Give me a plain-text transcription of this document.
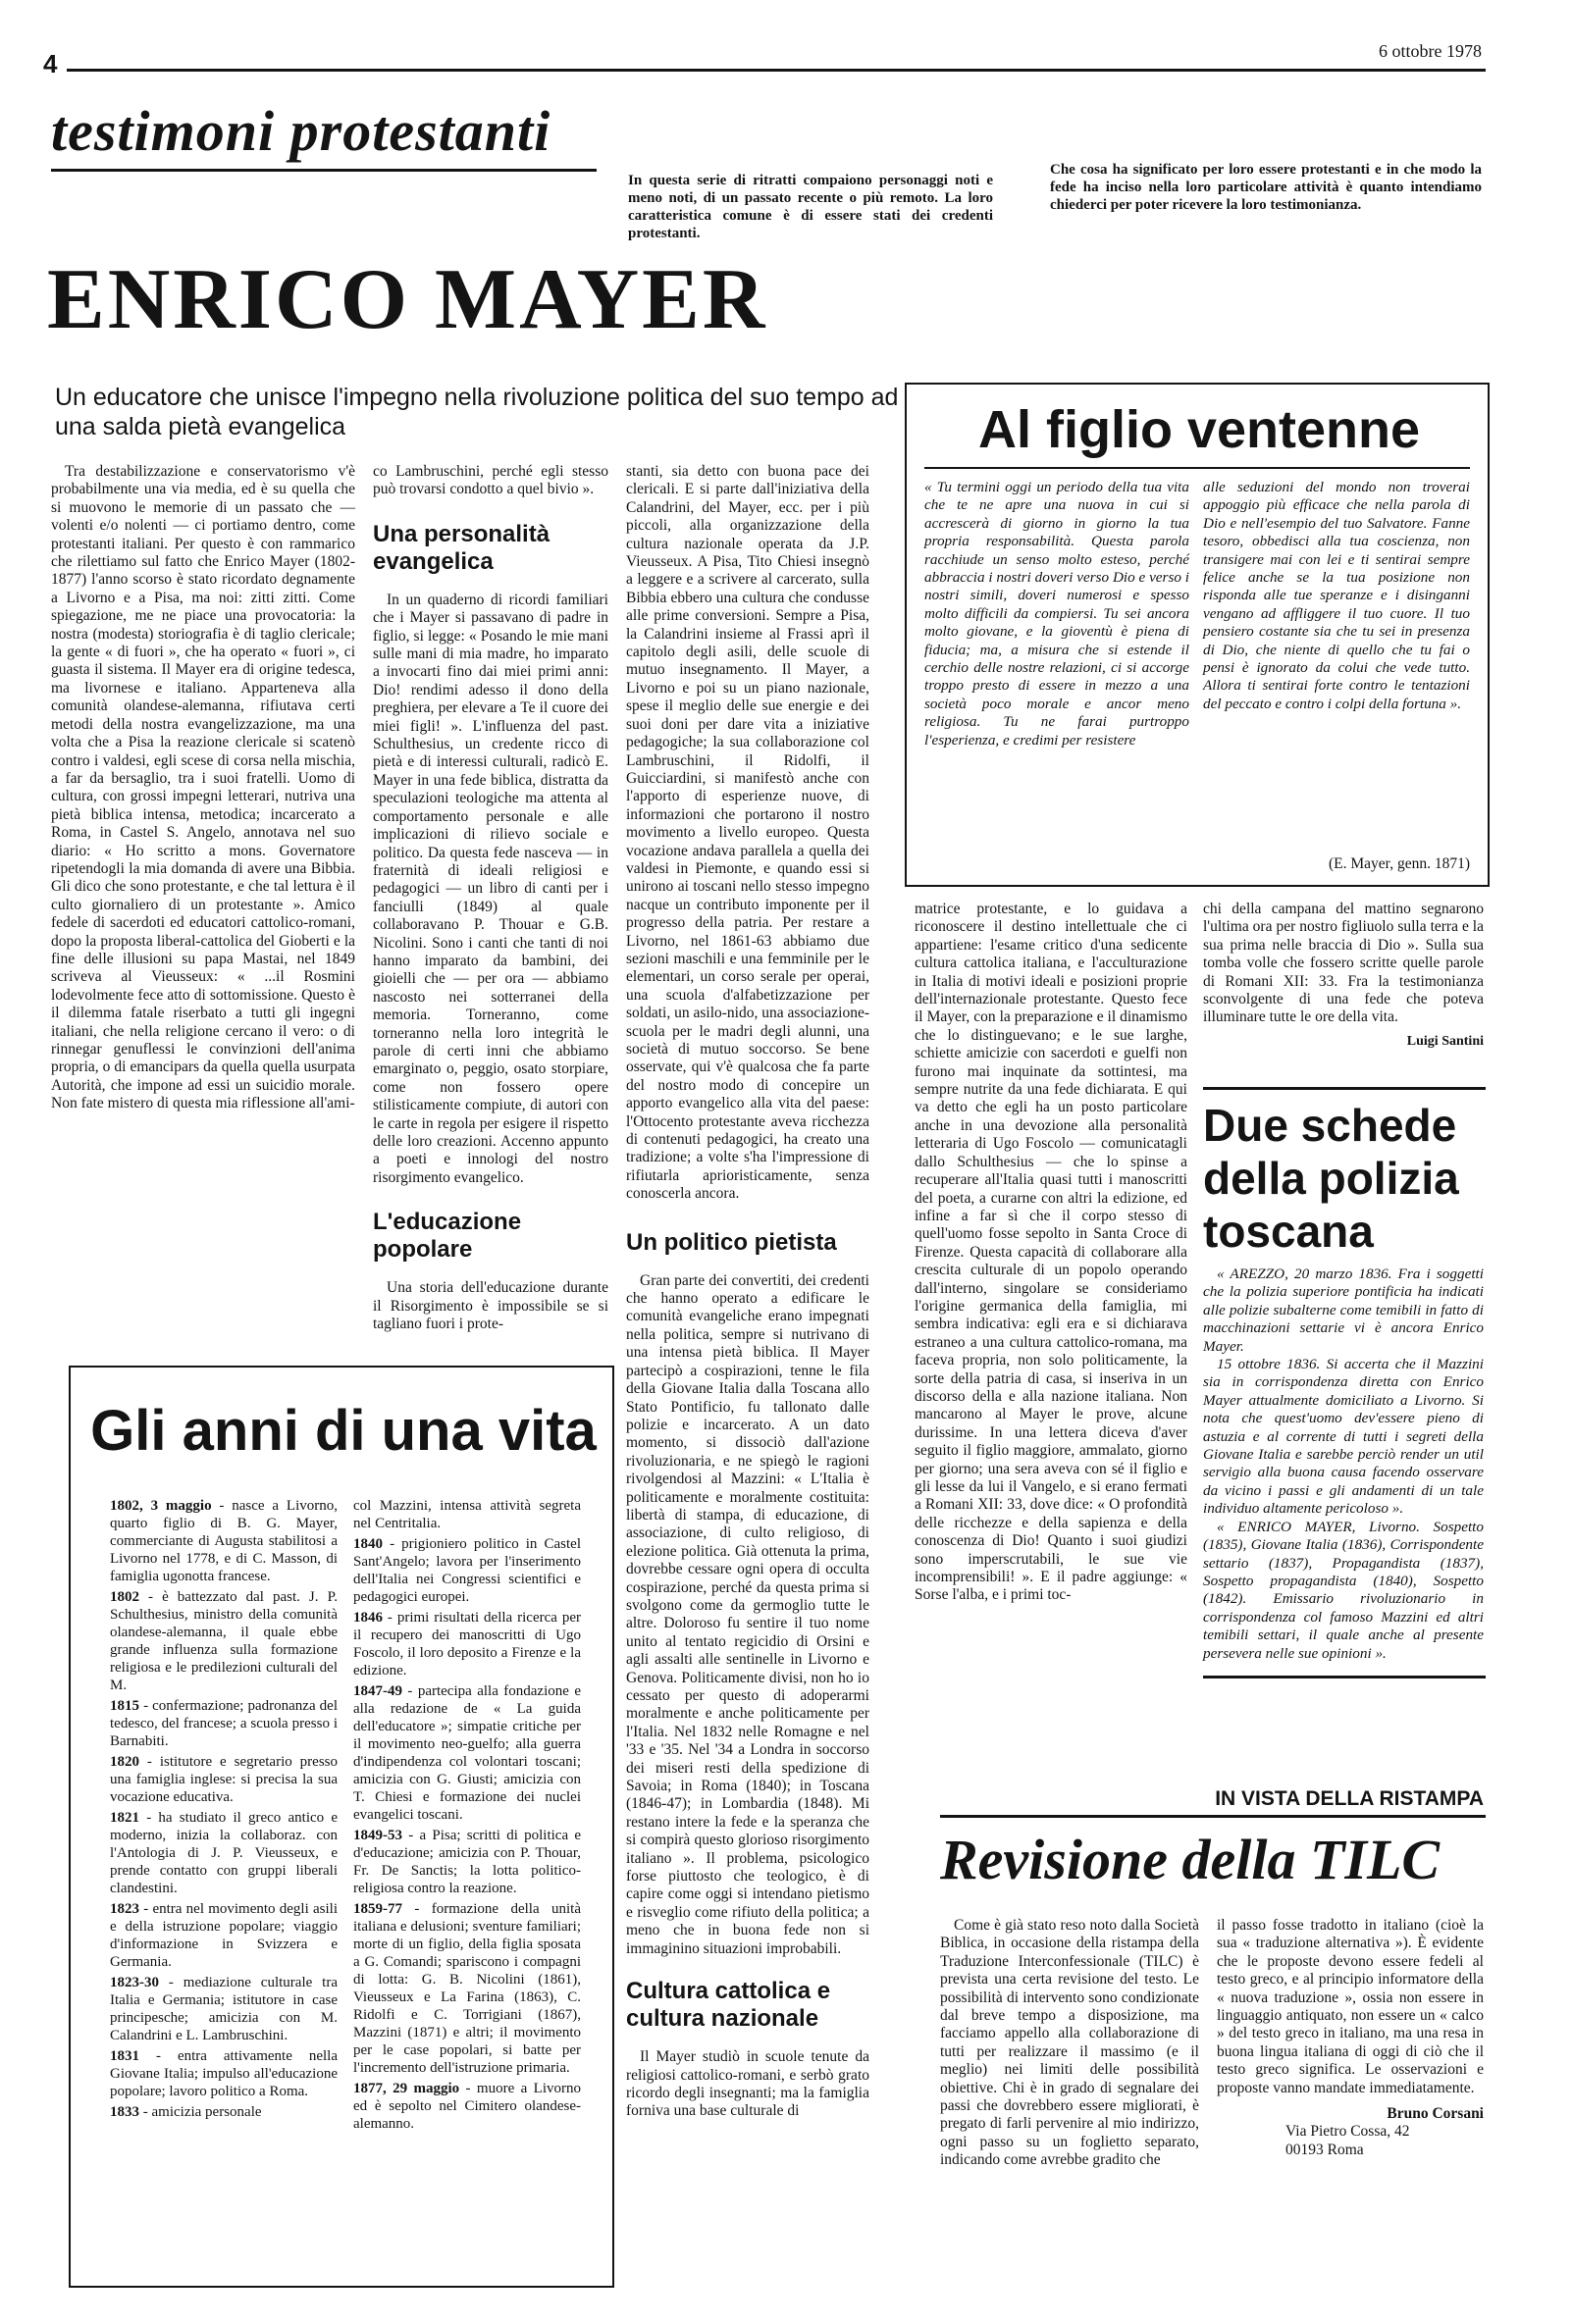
4	6 ottobre 1978
testimoni protestanti
In questa serie di ritratti compaiono personaggi noti e meno noti, di un passato recente o più remoto. La loro caratteristica comune è di essere stati dei credenti protestanti.
Che cosa ha significato per loro essere protestanti e in che modo la fede ha inciso nella loro particolare attività è quanto intendiamo chiederci per poter ricevere la loro testimonianza.
ENRICO MAYER
Un educatore che unisce l'impegno nella rivoluzione politica del suo tempo ad una salda pietà evangelica

Tra destabilizzazione e conservatorismo v'è probabilmente una via media, ed è su quella che si muovono le memorie di un passato che — volenti e/o nolenti — ci portiamo dentro, come protestanti italiani. Per questo è con rammarico che rilettiamo sul fatto che Enrico Mayer (1802-1877) l'anno scorso è stato ricordato degnamente a Livorno e a Pisa, ma noi: zitti zitti. Come spiegazione, me ne piace una provocatoria: la nostra (modesta) storiografia è di taglio clericale; la gente « di fuori », che ha operato « fuori », ci guasta il sistema. Il Mayer era di origine tedesca, ma livornese e italiano. Apparteneva alla comunità olandese-alemanna, rifiutava certi metodi della nostra evangelizzazione, ma una volta che a Pisa la reazione clericale si scatenò contro i valdesi, egli scese di corsa nella mischia, a far da bersaglio, tra i suoi fratelli. Uomo di cultura, con grossi impegni letterari, nutriva una pietà biblica intensa, metodica; incarcerato a Roma, in Castel S. Angelo, annotava nel suo diario: « Ho scritto a mons. Governatore ripetendogli la mia domanda di avere una Bibbia. Gli dico che sono protestante, e che tal lettura è il culto giornaliero di un protestante ». Amico fedele di sacerdoti ed educatori cattolico-romani, dopo la proposta liberal-cattolica del Gioberti e la fine delle illusioni su papa Mastai, nel 1849 scriveva al Vieusseux: « ...il Rosmini lodevolmente fece atto di sottomissione. Questo è il dilemma fatale riserbato a tutti gli ingegni italiani, che nella religione cercano il vero: o di rinnegar genuflessi le convinzioni dell'anima propria, o di emancipars da quella quella usurpata Autorità, che impone ad essi un suicidio morale. Non fate mistero di questa mia riflessione all'ami-

co Lambruschini, perché egli stesso può trovarsi condotto a quel bivio ».

Una personalità evangelica

In un quaderno di ricordi familiari che i Mayer si passavano di padre in figlio, si legge: « Posando le mie mani sulle mani di mia madre, ho imparato a invocarti fino dai miei primi anni: Dio! rendimi adesso il dono della preghiera, per elevare a Te il cuore dei miei figli! ». L'influenza del past. Schulthesius, un credente ricco di pietà e di interessi culturali, radicò E. Mayer in una fede biblica, distratta da speculazioni teologiche ma attenta al comportamento personale e alle implicazioni di rilievo sociale e politico. Da questa fede nasceva — in fraternità di ideali religiosi e pedagogici — un libro di canti per i fanciulli (1849) al quale collaboravano P. Thouar e G.B. Nicolini. Sono i canti che tanti di noi hanno imparato da bambini, dei gioielli che — per ora — abbiamo nascosto nei sotterranei della memoria. Torneranno, come torneranno nella loro integrità le parole di certi inni che abbiamo emarginato o, peggio, osato storpiare, come non fossero opere stilisticamente compiute, di autori con le carte in regola per esigere il rispetto delle loro creazioni. Accenno appunto a poeti e innologi del nostro risorgimento evangelico.

L'educazione popolare

Una storia dell'educazione durante il Risorgimento è impossibile se si tagliano fuori i prote-

stanti, sia detto con buona pace dei clericali. E si parte dall'iniziativa della Calandrini, del Mayer, ecc. per i più piccoli, alla organizzazione della cultura nazionale operata da J.P. Vieusseux. A Pisa, Tito Chiesi insegnò a leggere e a scrivere al carcerato, sulla Bibbia ebbero una cultura che condusse alle prime conversioni. Sempre a Pisa, la Calandrini insieme al Frassi aprì il capitolo degli asili, delle scuole di mutuo insegnamento. Il Mayer, a Livorno e poi su un piano nazionale, spese il meglio delle sue energie e dei suoi doni per dare vita a iniziative pedagogiche; la sua collaborazione col Lambruschini, il Ridolfi, il Guicciardini, si manifestò anche con l'apporto di esperienze nuove, di informazioni che portarono il nostro movimento a livello europeo. Questa vocazione andava parallela a quella dei valdesi in Piemonte, e quando essi si unirono ai toscani nello stesso impegno nacque un contributo imponente per il progresso della patria. Per restare a Livorno, nel 1861-63 abbiamo due sezioni maschili e una femminile per le elementari, un corso serale per operai, una scuola d'alfabetizzazione per soldati, un asilo-nido, una associazione-scuola per le madri degli alunni, una società di mutuo soccorso. Se bene osservate, qui v'è qualcosa che fa parte del nostro modo di concepire un apporto evangelico alla vita del paese: l'Ottocento protestante aveva ricchezza di contenuti pedagogici, ha creato una tradizione; a volte s'ha l'impressione di rifiutarla aprioristicamente, senza conoscerla ancora.

Un politico pietista

Gran parte dei convertiti, dei credenti che hanno operato a edificare le comunità evangeliche erano impegnati nella politica, sempre si nutrivano di una intensa pietà biblica. Il Mayer partecipò a cospirazioni, tenne le fila della Giovane Italia dalla Toscana allo Stato Pontificio, fu tallonato dalle polizie e incarcerato. A un dato momento, si dissociò dall'azione rivoluzionaria, e ne spiegò le ragioni rivolgendosi al Mazzini: « L'Italia è politicamente e moralmente costituita: libertà di stampa, di educazione, di associazione, di culto religioso, di elezione politica. Già ottenuta la prima, dovrebbe cessare ogni opera di occulta cospirazione, perché da questa prima si svolgono come da germoglio tutte le altre. Doloroso fu sentire il tuo nome unito al tentato regicidio di Orsini e agli assalti alle sentinelle in Livorno e Genova. Politicamente divisi, non ho io cessato per questo di adoperarmi moralmente e anche politicamente per l'Italia. Nel 1832 nelle Romagne e nel '33 e '35. Nel '34 a Londra in soccorso dei miseri resti della spedizione di Savoia; in Roma (1840); in Toscana (1846-47); in Lombardia (1848). Mi restano intere la fede e la speranza che si compirà questo glorioso risorgimento italiano ». Il problema, psicologico forse piuttosto che teologico, è di capire come oggi si intendano pietismo e risveglio come rifiuto della politica; a meno che in buona fede non si immaginino situazioni improbabili.

Cultura cattolica e cultura nazionale

Il Mayer studiò in scuole tenute da religiosi cattolico-romani, e serbò grato ricordo degli insegnanti; ma la famiglia forniva una base culturale di

Al figlio ventenne
« Tu termini oggi un periodo della tua vita che te ne apre una nuova in cui si accrescerà di giorno in giorno la tua propria responsabilità. Questa parola racchiude un senso molto esteso, perché abbraccia i nostri doveri verso Dio e verso i nostri simili, doveri numerosi e spesso molto difficili da compiersi. Tu sei ancora molto giovane, e la gioventù è piena di fiducia; ma, a misura che si estende il cerchio delle nostre relazioni, ci si accorge troppo presto di essere in mezzo a una società poco morale e ancor meno religiosa. Tu ne farai purtroppo l'esperienza, e credimi per resistere
alle seduzioni del mondo non troverai appoggio più efficace che nella parola di Dio e nell'esempio del tuo Salvatore. Fanne tesoro, obbedisci alla tua coscienza, non transigere mai con lei e ti sentirai sempre felice anche se la tua posizione non risponda alle tue speranze e i disinganni vengano ad affliggere il tuo cuore. Il tuo pensiero costante sia che tu sei in presenza di Dio, che niente di quello che tu fai o pensi è ignorato da colui che vede tutto. Allora ti sentirai forte contro le tentazioni del peccato e contro i colpi della fortuna ».
(E. Mayer, genn. 1871)

matrice protestante, e lo guidava a riconoscere il destino intellettuale che ci appartiene: l'esame critico d'una sedicente cultura cattolica italiana, e l'acculturazione in Italia di motivi ideali e posizioni proprie dell'internazionale protestante. Questo fece il Mayer, con la preparazione e il dinamismo che lo distinguevano; e le sue larghe, schiette amicizie con sacerdoti e guelfi non furono mai inquinate da sottintesi, ma sempre nutrite da una fede dichiarata. E qui va detto che egli ha un posto particolare anche in una devozione alla personalità letteraria di Ugo Foscolo — comunicatagli dallo Schulthesius — che lo spinse a recuperare all'Italia quasi tutti i manoscritti del poeta, a curarne con altri la edizione, ed infine a far sì che il corpo stesso di quell'uomo fosse sepolto in Santa Croce di Firenze. Questa capacità di collaborare alla crescita culturale di un popolo operando dall'interno, singolare se consideriamo l'origine germanica della famiglia, mi sembra indicativa: egli era e si dichiarava estraneo a una cultura cattolico-romana, ma faceva propria, non solo politicamente, la sorte della patria di casa, si inseriva in un discorso della e alla nazione italiana. Non mancarono al Mayer le prove, alcune durissime. In una lettera diceva d'aver seguito il figlio maggiore, ammalato, giorno per giorno; una sera aveva con sé il figlio e gli lesse da lui il Vangelo, e si erano fermati a Romani XII: 33, dove dice: « O profondità delle ricchezze e della sapienza e della conoscenza di Dio! Quanto i suoi giudizi sono imperscrutabili, le sue vie incomprensibili! ». E il padre aggiunge: « Sorse l'alba, e i primi toc-

chi della campana del mattino segnarono l'ultima ora per nostro figliuolo sulla terra e la sua prima nelle braccia di Dio ». Sulla sua tomba volle che fossero scritte quelle parole di Romani XII: 33. Fra la testimonianza sconvolgente di una fede che poteva illuminare tutte le ore della vita.

Luigi Santini
Due schede
della polizia
toscana

« AREZZO, 20 marzo 1836. Fra i soggetti che la polizia superiore pontificia ha indicati alle polizie subalterne come temibili in fatto di macchinazioni settarie vi è ancora Enrico Mayer.

15 ottobre 1836. Si accerta che il Mazzini sia in corrispondenza diretta con Enrico Mayer attualmente domiciliato a Livorno. Si nota che quest'uomo dev'essere pieno di astuzia e al corrente di tutti i segreti della Giovane Italia e sarebbe perciò render un util servigio alla buona causa facendo osservare da vicino i passi e gli andamenti di un tale individuo altamente pericoloso ».

« ENRICO MAYER, Livorno. Sospetto (1835), Giovane Italia (1836), Corrispondente settario (1837), Propagandista (1837), Sospetto propagandista (1840), Sospetto (1842). Emissario rivoluzionario in corrispondenza col famoso Mazzini ed altri temibili settari, il quale anche al presente persevera nelle sue opinioni ».

Gli anni di una vita

1802, 3 maggio - nasce a Livorno, quarto figlio di B. G. Mayer, commerciante di Augusta stabilitosi a Livorno nel 1778, e di C. Masson, di famiglia ugonotta francese.

1802 - è battezzato dal past. J. P. Schulthesius, ministro della comunità olandese-alemanna, il quale ebbe grande influenza sulla formazione religiosa e le predilezioni culturali del M.

1815 - confermazione; padronanza del tedesco, del francese; a scuola presso i Barnabiti.

1820 - istitutore e segretario presso una famiglia inglese: si precisa la sua vocazione educativa.

1821 - ha studiato il greco antico e moderno, inizia la collaboraz. con l'Antologia di J. P. Vieusseux, e prende contatto con gruppi liberali clandestini.

1823 - entra nel movimento degli asili e della istruzione popolare; viaggio d'informazione in Svizzera e Germania.

1823-30 - mediazione culturale tra Italia e Germania; istitutore in case principesche; amicizia con M. Calandrini e L. Lambruschini.

1831 - entra attivamente nella Giovane Italia; impulso all'educazione popolare; lavoro politico a Roma.

1833 - amicizia personale

col Mazzini, intensa attività segreta nel Centritalia.

1840 - prigioniero politico in Castel Sant'Angelo; lavora per l'inserimento dell'Italia nei Congressi scientifici e pedagogici europei.

1846 - primi risultati della ricerca per il recupero dei manoscritti di Ugo Foscolo, il loro deposito a Firenze e la edizione.

1847-49 - partecipa alla fondazione e alla redazione de « La guida dell'educatore »; simpatie critiche per il movimento neo-guelfo; alla guerra d'indipendenza col volontari toscani; amicizia con G. Giusti; amicizia con T. Chiesi e formazione dei nuclei evangelici toscani.

1849-53 - a Pisa; scritti di politica e d'educazione; amicizia con P. Thouar, Fr. De Sanctis; la lotta politico-religiosa contro la reazione.

1859-77 - formazione della unità italiana e delusioni; sventure familiari; morte di un figlio, della figlia sposata a G. Comandi; spariscono i compagni di lotta: G. B. Nicolini (1861), Vieusseux e La Farina (1863), C. Ridolfi e C. Torrigiani (1867), Mazzini (1871) e altri; il movimento per le case popolari, si batte per l'incremento dell'istruzione primaria.

1877, 29 maggio - muore a Livorno ed è sepolto nel Cimitero olandese-alemanno.

IN VISTA DELLA RISTAMPA
Revisione della TILC

Come è già stato reso noto dalla Società Biblica, in occasione della ristampa della Traduzione Interconfessionale (TILC) è prevista una certa revisione del testo. Le possibilità di intervento sono condizionate dal breve tempo a disposizione, ma facciamo appello alla collaborazione di tutti per realizzare il massimo (e il meglio) nei limiti delle possibilità obiettive. Chi è in grado di segnalare dei passi che dovrebbero essere migliorati, è pregato di farli pervenire al mio indirizzo, ogni passo su un foglietto separato, indicando come avrebbe gradito che

il passo fosse tradotto in italiano (cioè la sua « traduzione alternativa »). È evidente che le proposte devono essere fedeli al testo greco, e al principio informatore della « nuova traduzione », ossia non essere in linguaggio antiquato, non essere un « calco » del testo greco in italiano, ma una resa in buona lingua italiana di oggi di ciò che il testo greco significa. Le osservazioni e proposte vanno mandate immediatamente.

Bruno Corsani
Via Pietro Cossa, 42
00193 Roma
